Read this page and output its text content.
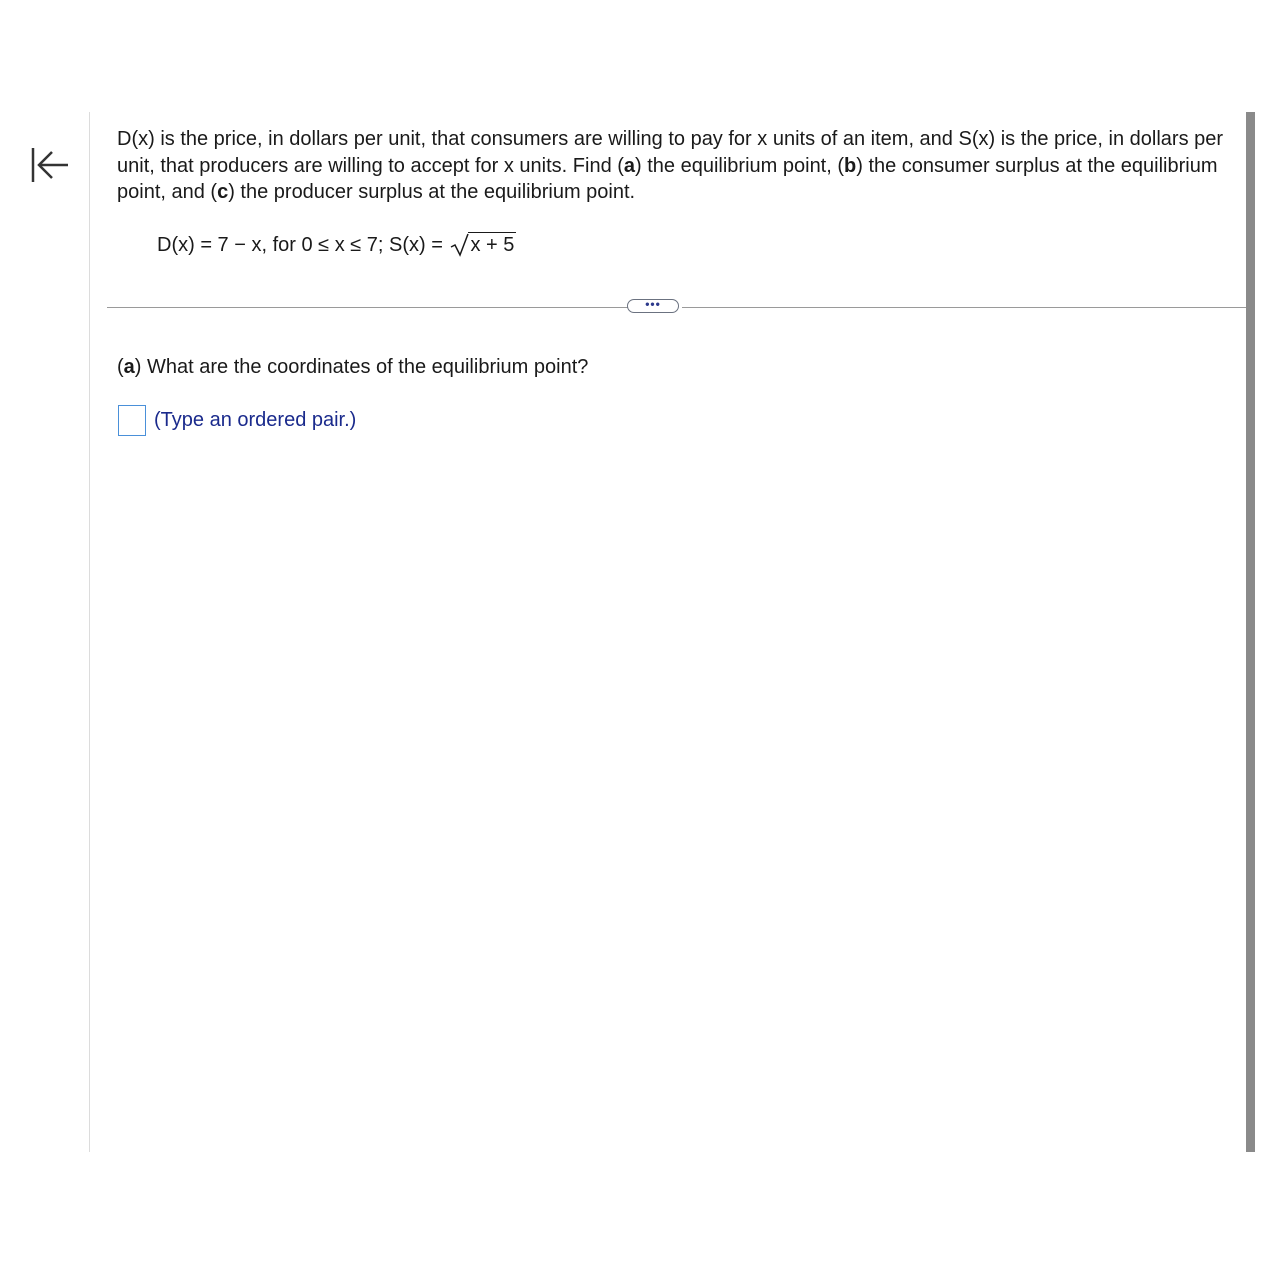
D(x) is the price, in dollars per unit, that consumers are willing to pay for x units of an item, and S(x) is the price, in dollars per unit, that producers are willing to accept for x units. Find (a) the equilibrium point, (b) the consumer surplus at the equilibrium point, and (c) the producer surplus at the equilibrium point.
D(x) = 7 − x, for 0 ≤ x ≤ 7; S(x) =
x + 5
•••
(a) What are the coordinates of the equilibrium point?
(Type an ordered pair.)
